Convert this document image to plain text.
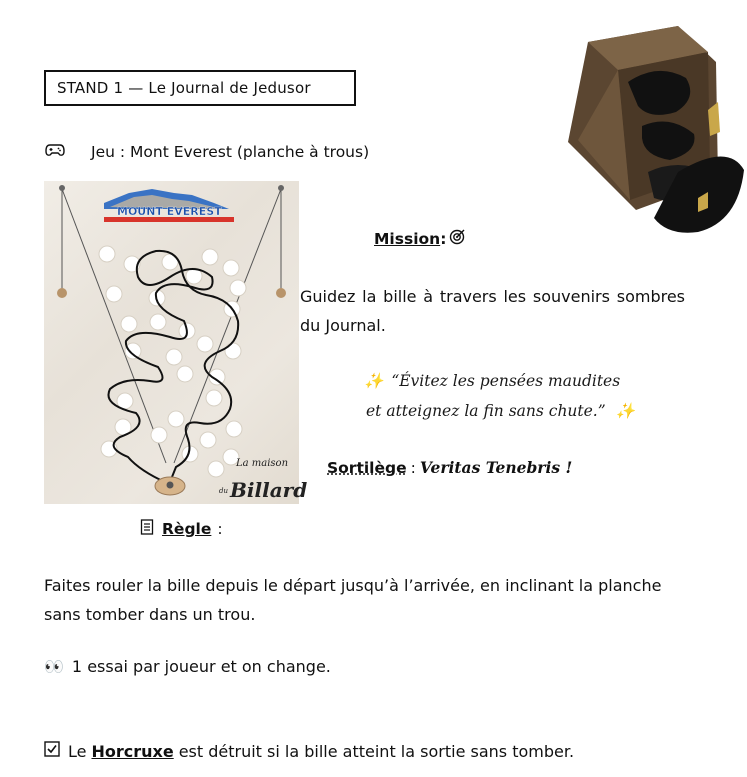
STAND 1 — Le Journal de Jedusor
Jeu : Mont Everest (planche à trous)
La maison
du Billard
MOUNT EVEREST
Mission :
Guidez la bille à travers les souvenirs sombres du Journal.
✨ “Évitez les pensées maudites
et atteignez la fin sans chute.” ✨
Sortilège : Veritas Tenebris !
Règle :
Faites rouler la bille depuis le départ jusqu’à l’arrivée, en inclinant la planche sans tomber dans un trou.
👀 1 essai par joueur et on change.
Le Horcruxe est détruit si la bille atteint la sortie sans tomber.
